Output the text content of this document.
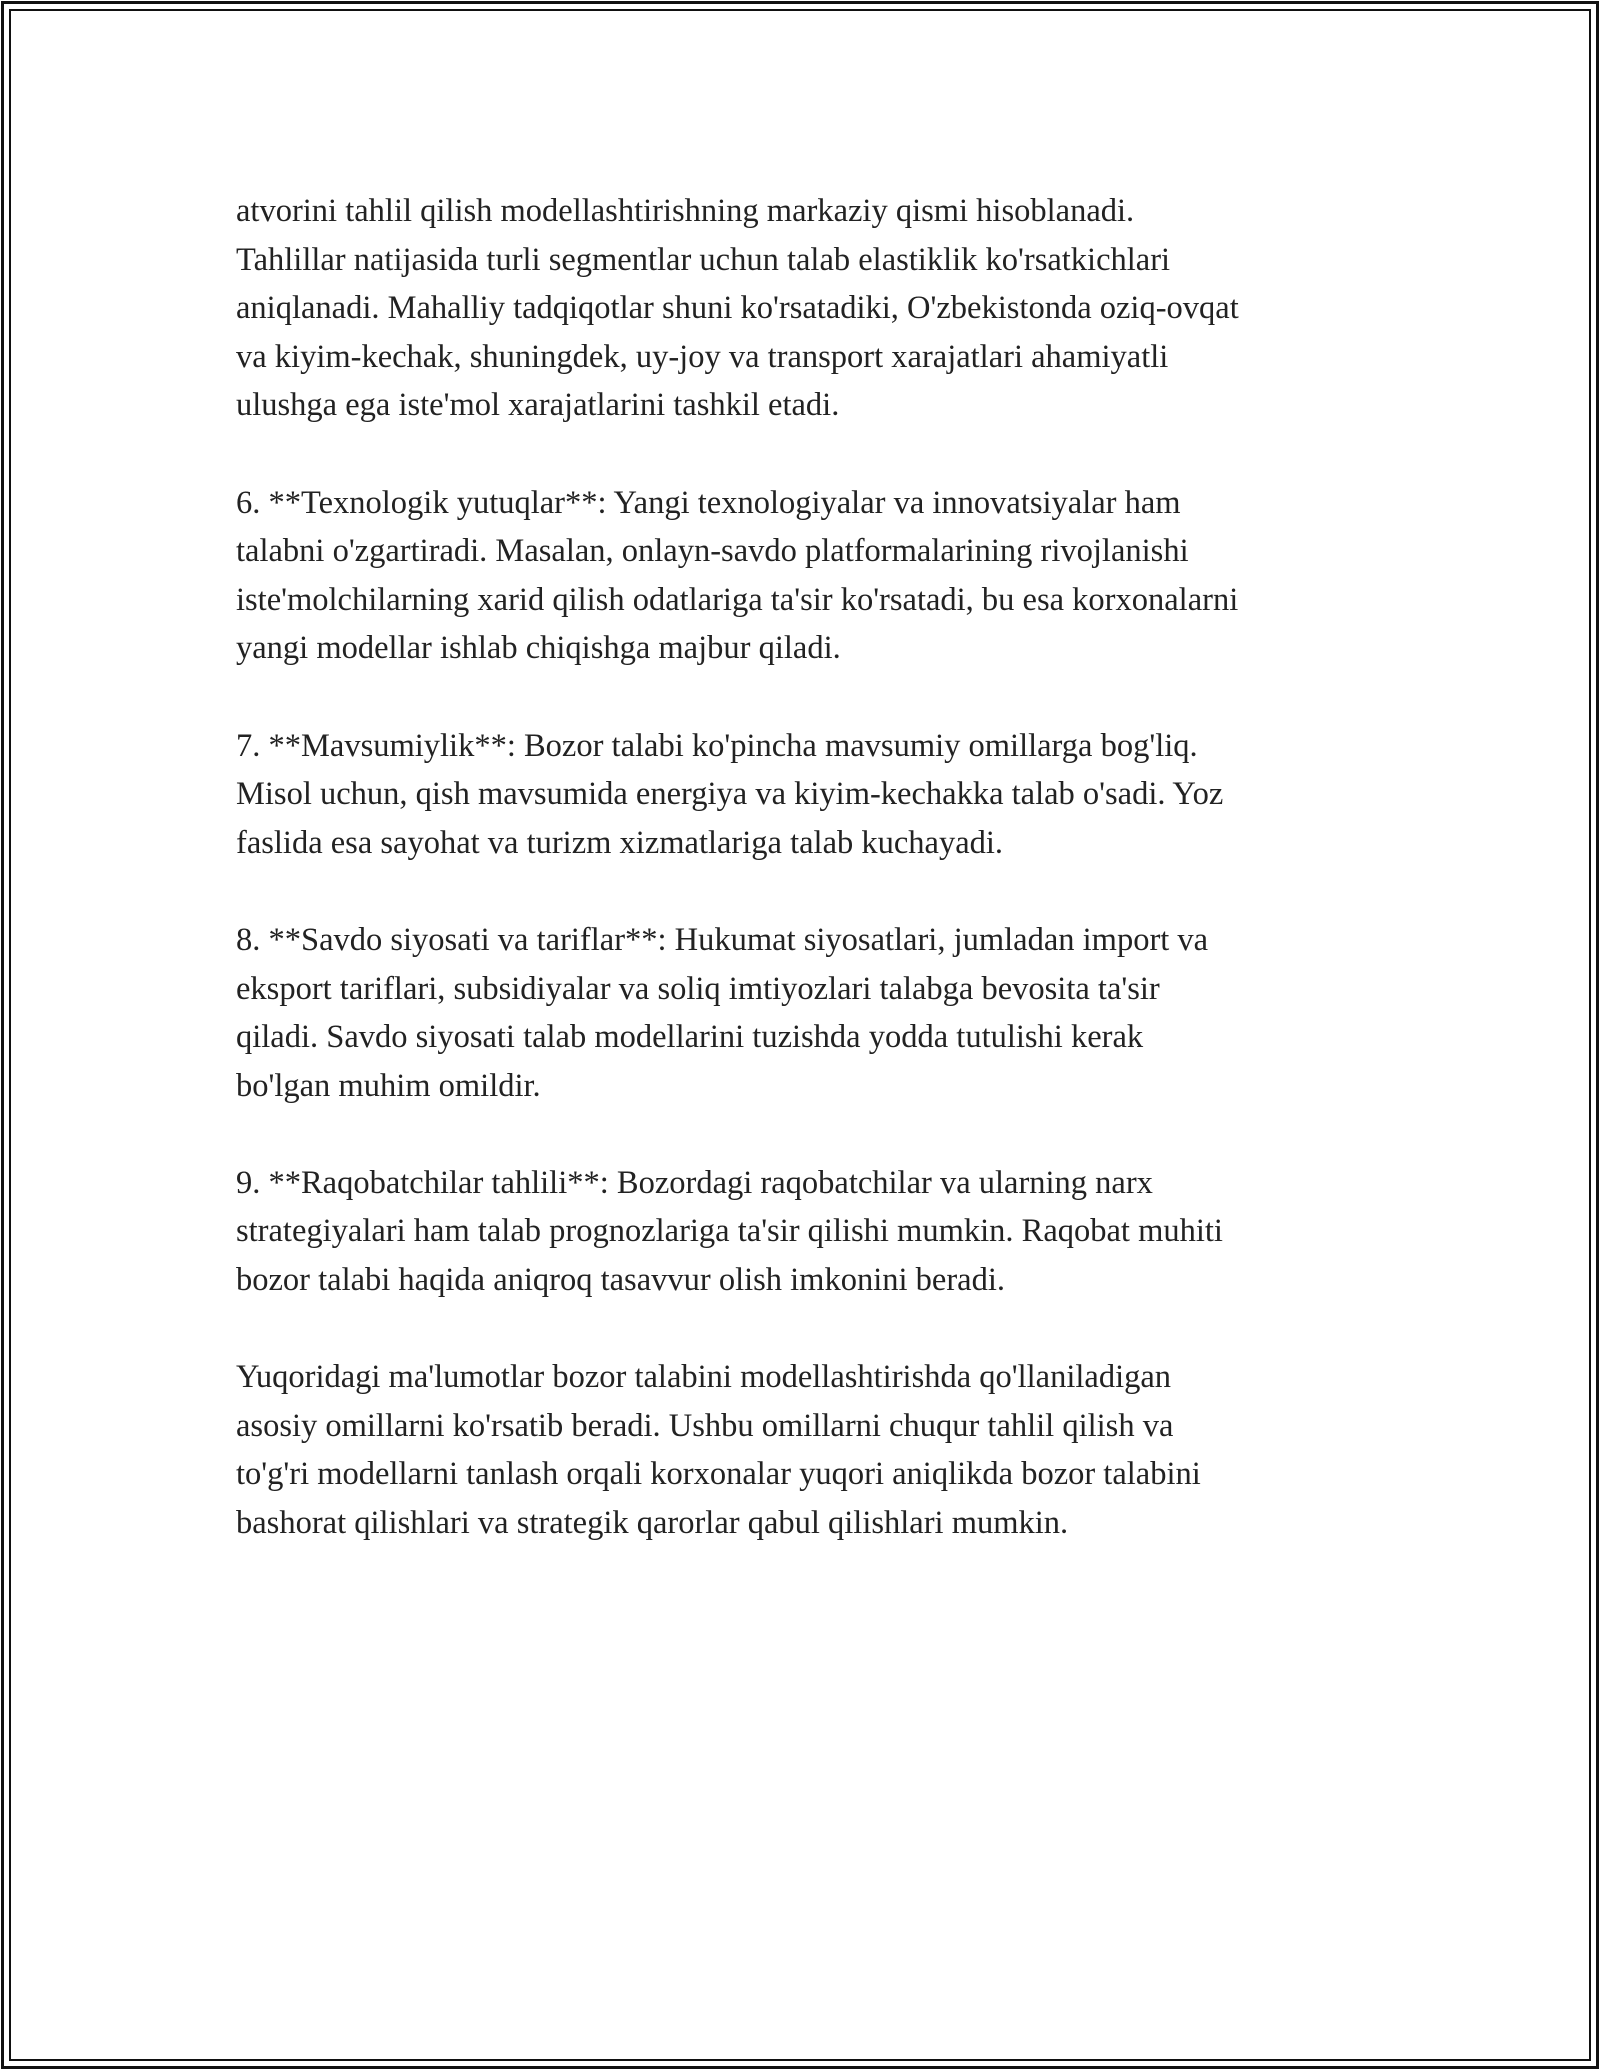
atvorini tahlil qilish modellashtirishning markaziy qismi hisoblanadi.
Tahlillar natijasida turli segmentlar uchun talab elastiklik ko'rsatkichlari
aniqlanadi. Mahalliy tadqiqotlar shuni ko'rsatadiki, O'zbekistonda oziq-ovqat
va kiyim-kechak, shuningdek, uy-joy va transport xarajatlari ahamiyatli
ulushga ega iste'mol xarajatlarini tashkil etadi.

6. **Texnologik yutuqlar**: Yangi texnologiyalar va innovatsiyalar ham
talabni o'zgartiradi. Masalan, onlayn-savdo platformalarining rivojlanishi
iste'molchilarning xarid qilish odatlariga ta'sir ko'rsatadi, bu esa korxonalarni
yangi modellar ishlab chiqishga majbur qiladi.

7. **Mavsumiylik**: Bozor talabi ko'pincha mavsumiy omillarga bog'liq.
Misol uchun, qish mavsumida energiya va kiyim-kechakka talab o'sadi. Yoz
faslida esa sayohat va turizm xizmatlariga talab kuchayadi.

8. **Savdo siyosati va tariflar**: Hukumat siyosatlari, jumladan import va
eksport tariflari, subsidiyalar va soliq imtiyozlari talabga bevosita ta'sir
qiladi. Savdo siyosati talab modellarini tuzishda yodda tutulishi kerak
bo'lgan muhim omildir.

9. **Raqobatchilar tahlili**: Bozordagi raqobatchilar va ularning narx
strategiyalari ham talab prognozlariga ta'sir qilishi mumkin. Raqobat muhiti
bozor talabi haqida aniqroq tasavvur olish imkonini beradi.

Yuqoridagi ma'lumotlar bozor talabini modellashtirishda qo'llaniladigan
asosiy omillarni ko'rsatib beradi. Ushbu omillarni chuqur tahlil qilish va
to'g'ri modellarni tanlash orqali korxonalar yuqori aniqlikda bozor talabini
bashorat qilishlari va strategik qarorlar qabul qilishlari mumkin.
